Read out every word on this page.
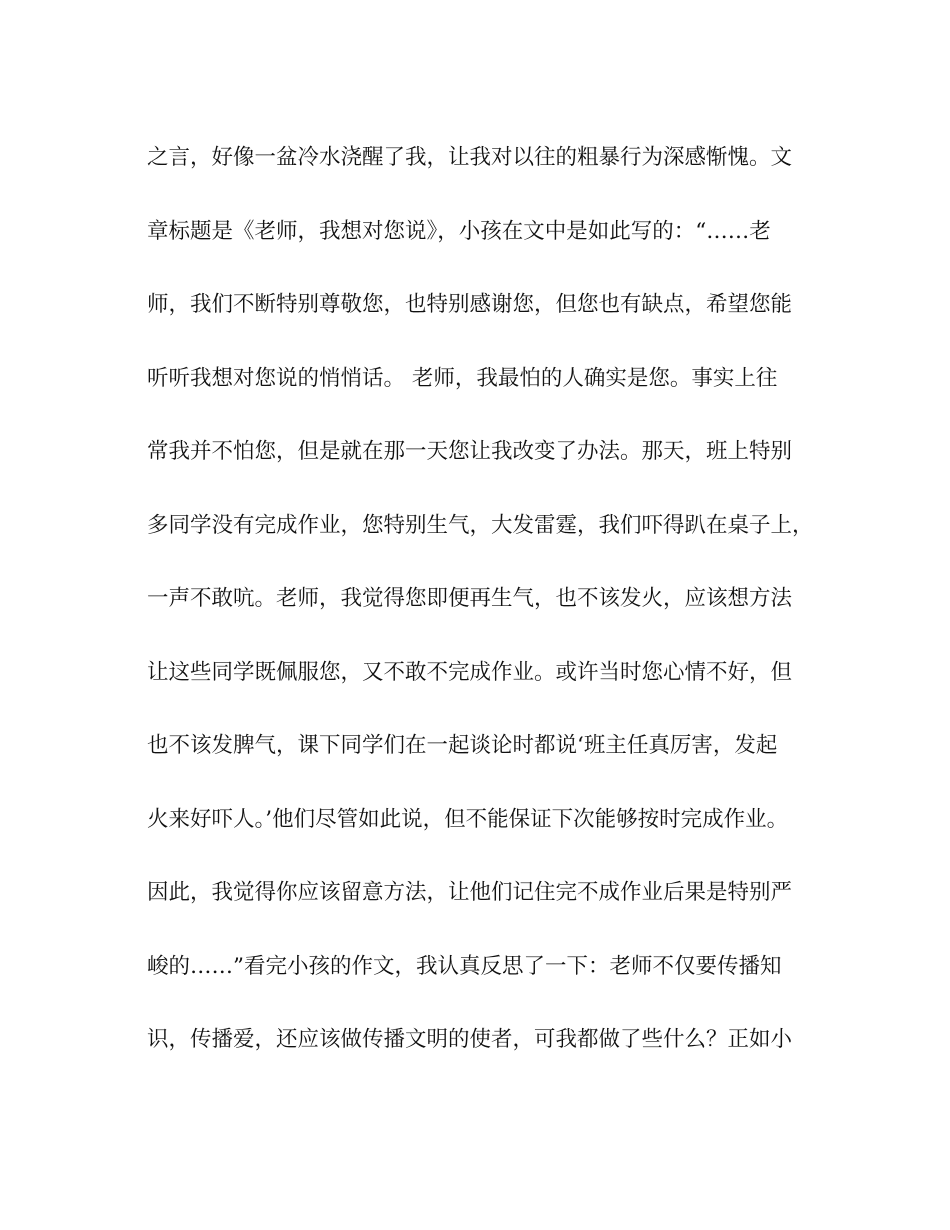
之言，好像一盆冷水浇醒了我，让我对以往的粗暴行为深感惭愧。文
章标题是《老师，我想对您说》，小孩在文中是如此写的：“……老
师，我们不断特别尊敬您，也特别感谢您，但您也有缺点，希望您能
听听我想对您说的悄悄话。 老师，我最怕的人确实是您。事实上往
常我并不怕您，但是就在那一天您让我改变了办法。那天，班上特别
多同学没有完成作业，您特别生气，大发雷霆，我们吓得趴在桌子上，
一声不敢吭。老师，我觉得您即便再生气，也不该发火，应该想方法
让这些同学既佩服您，又不敢不完成作业。或许当时您心情不好，但
也不该发脾气，课下同学们在一起谈论时都说‘班主任真厉害，发起
火来好吓人。’他们尽管如此说，但不能保证下次能够按时完成作业。
因此，我觉得你应该留意方法，让他们记住完不成作业后果是特别严
峻的……”看完小孩的作文，我认真反思了一下：老师不仅要传播知
识，传播爱，还应该做传播文明的使者，可我都做了些什么？正如小
